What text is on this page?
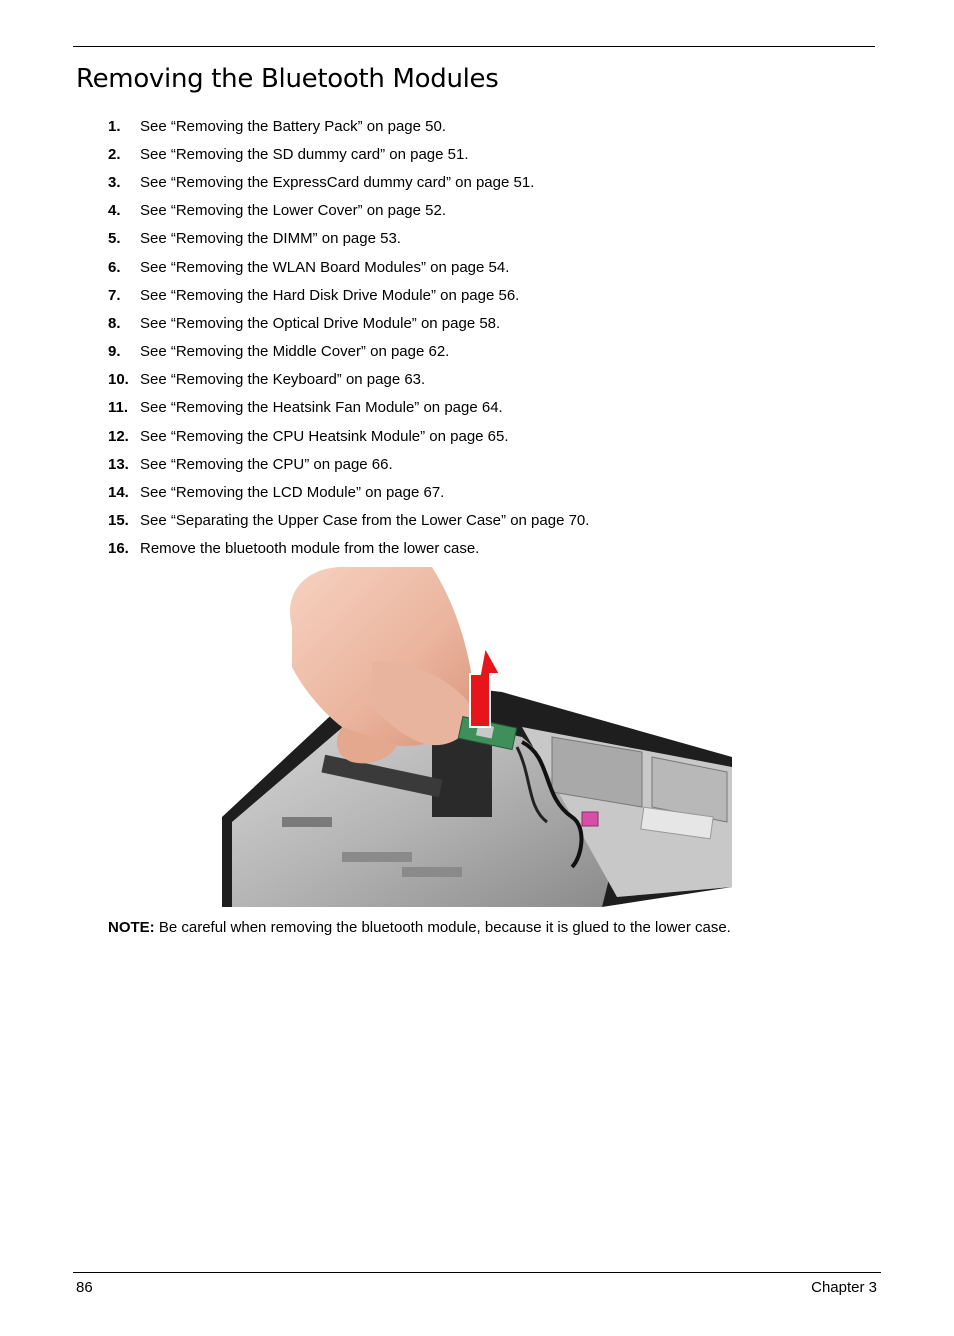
Removing the Bluetooth Modules
1.	See “Removing the Battery Pack” on page 50.
2.	See “Removing the SD dummy card” on page 51.
3.	See “Removing the ExpressCard dummy card” on page 51.
4.	See “Removing the Lower Cover” on page 52.
5.	See “Removing the DIMM” on page 53.
6.	See “Removing the WLAN Board Modules” on page 54.
7.	See “Removing the Hard Disk Drive Module” on page 56.
8.	See “Removing the Optical Drive Module” on page 58.
9.	See “Removing the Middle Cover” on page 62.
10. See “Removing the Keyboard” on page 63.
11. See “Removing the Heatsink Fan Module” on page 64.
12. See “Removing the CPU Heatsink Module” on page 65.
13. See “Removing the CPU” on page 66.
14. See “Removing the LCD Module” on page 67.
15. See “Separating the Upper Case from the Lower Case” on page 70.
16. Remove the bluetooth module from the lower case.

NOTE: Be careful when removing the bluetooth module, because it is glued to the lower case.

86	Chapter 3
